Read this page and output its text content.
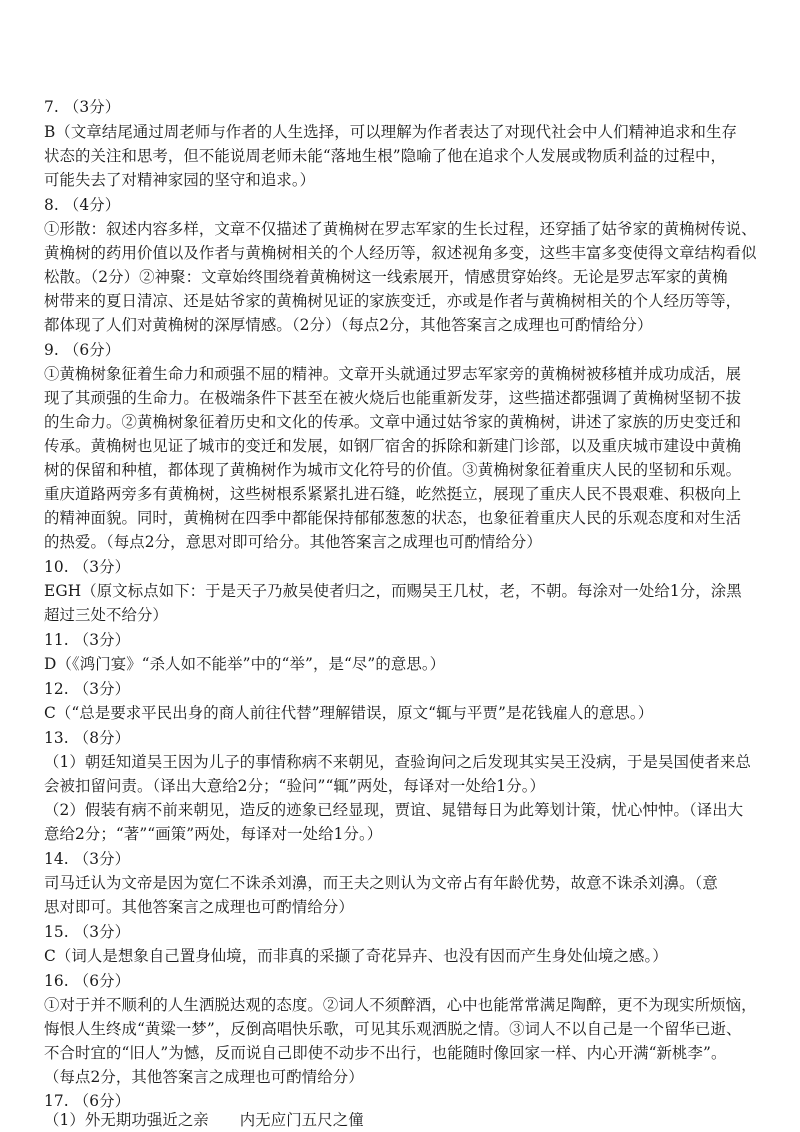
7. （3分）
B（文章结尾通过周老师与作者的人生选择，可以理解为作者表达了对现代社会中人们精神追求和生存
状态的关注和思考，但不能说周老师未能“落地生根”隐喻了他在追求个人发展或物质利益的过程中，
可能失去了对精神家园的坚守和追求。）
8. （4分）
①形散：叙述内容多样，文章不仅描述了黄桷树在罗志军家的生长过程，还穿插了姑爷家的黄桷树传说、
黄桷树的药用价值以及作者与黄桷树相关的个人经历等，叙述视角多变，这些丰富多变使得文章结构看似
松散。（2分）②神聚：文章始终围绕着黄桷树这一线索展开，情感贯穿始终。无论是罗志军家的黄桷
树带来的夏日清凉、还是姑爷家的黄桷树见证的家族变迁，亦或是作者与黄桷树相关的个人经历等等，
都体现了人们对黄桷树的深厚情感。（2分）（每点2分，其他答案言之成理也可酌情给分）
9. （6分）
①黄桷树象征着生命力和顽强不屈的精神。文章开头就通过罗志军家旁的黄桷树被移植并成功成活，展
现了其顽强的生命力。在极端条件下甚至在被火烧后也能重新发芽，这些描述都强调了黄桷树坚韧不拔
的生命力。②黄桷树象征着历史和文化的传承。文章中通过姑爷家的黄桷树，讲述了家族的历史变迁和
传承。黄桷树也见证了城市的变迁和发展，如钢厂宿舍的拆除和新建门诊部，以及重庆城市建设中黄桷
树的保留和种植，都体现了黄桷树作为城市文化符号的价值。③黄桷树象征着重庆人民的坚韧和乐观。
重庆道路两旁多有黄桷树，这些树根系紧紧扎进石缝，屹然挺立，展现了重庆人民不畏艰难、积极向上
的精神面貌。同时，黄桷树在四季中都能保持郁郁葱葱的状态，也象征着重庆人民的乐观态度和对生活
的热爱。（每点2分，意思对即可给分。其他答案言之成理也可酌情给分）
10. （3分）
EGH（原文标点如下：于是天子乃赦吴使者归之，而赐吴王几杖，老，不朝。每涂对一处给1分，涂黑
超过三处不给分）
11. （3分）
D（《鸿门宴》“杀人如不能举”中的“举”，是“尽”的意思。）
12. （3分）
C（“总是要求平民出身的商人前往代替”理解错误，原文“辄与平贾”是花钱雇人的意思。）
13. （8分）
（1）朝廷知道吴王因为儿子的事情称病不来朝见，查验询问之后发现其实吴王没病，于是吴国使者来总
会被扣留问责。（译出大意给2分；“验问”“辄”两处，每译对一处给1分。）
（2）假装有病不前来朝见，造反的迹象已经显现，贾谊、晁错每日为此筹划计策，忧心忡忡。（译出大
意给2分；“著”“画策”两处，每译对一处给1分。）
14. （3分）
司马迁认为文帝是因为宽仁不诛杀刘濞，而王夫之则认为文帝占有年龄优势，故意不诛杀刘濞。（意
思对即可。其他答案言之成理也可酌情给分）
15. （3分）
C（词人是想象自己置身仙境，而非真的采撷了奇花异卉、也没有因而产生身处仙境之感。）
16. （6分）
①对于并不顺利的人生洒脱达观的态度。②词人不须醉酒，心中也能常常满足陶醉，更不为现实所烦恼，
悔恨人生终成“黄粱一梦”，反倒高唱快乐歌，可见其乐观洒脱之情。③词人不以自己是一个留华已逝、
不合时宜的“旧人”为憾，反而说自己即使不动步不出行，也能随时像回家一样、内心开满“新桃李”。
（每点2分，其他答案言之成理也可酌情给分）
17. （6分）
（1）外无期功强近之亲　　内无应门五尺之僮
